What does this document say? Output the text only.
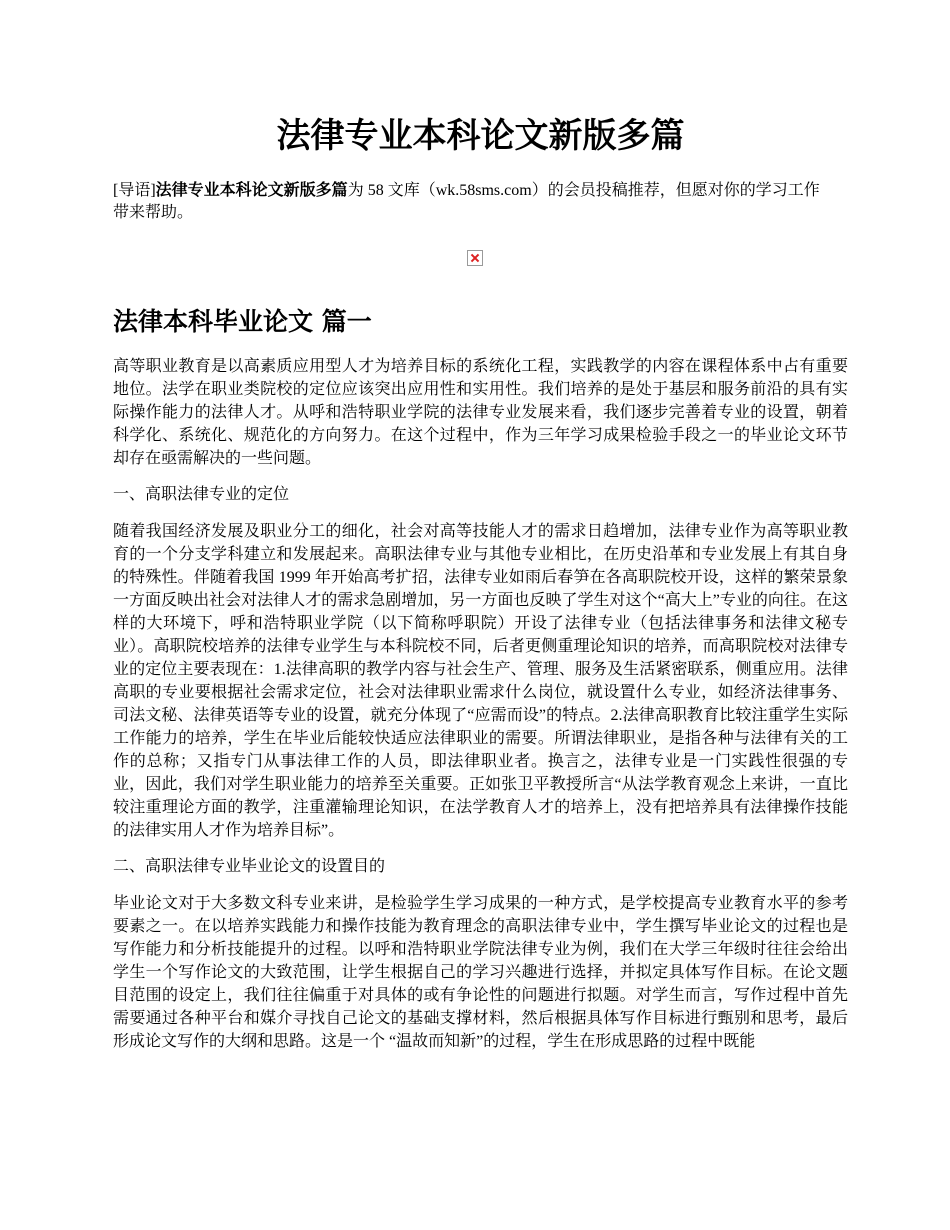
法律专业本科论文新版多篇

[导语]法律专业本科论文新版多篇为 58 文库（wk.58sms.com）的会员投稿推荐，但愿对你的学习工作带来帮助。

法律本科毕业论文 篇一

高等职业教育是以高素质应用型人才为培养目标的系统化工程，实践教学的内容在课程体系中占有重要地位。法学在职业类院校的定位应该突出应用性和实用性。我们培养的是处于基层和服务前沿的具有实际操作能力的法律人才。从呼和浩特职业学院的法律专业发展来看，我们逐步完善着专业的设置，朝着科学化、系统化、规范化的方向努力。在这个过程中，作为三年学习成果检验手段之一的毕业论文环节却存在亟需解决的一些问题。

一、高职法律专业的定位

随着我国经济发展及职业分工的细化，社会对高等技能人才的需求日趋增加，法律专业作为高等职业教育的一个分支学科建立和发展起来。高职法律专业与其他专业相比，在历史沿革和专业发展上有其自身的特殊性。伴随着我国 1999 年开始高考扩招，法律专业如雨后春笋在各高职院校开设，这样的繁荣景象一方面反映出社会对法律人才的需求急剧增加，另一方面也反映了学生对这个“高大上”专业的向往。在这样的大环境下，呼和浩特职业学院（以下简称呼职院）开设了法律专业（包括法律事务和法律文秘专业）。高职院校培养的法律专业学生与本科院校不同，后者更侧重理论知识的培养，而高职院校对法律专业的定位主要表现在：1.法律高职的教学内容与社会生产、管理、服务及生活紧密联系，侧重应用。法律高职的专业要根据社会需求定位，社会对法律职业需求什么岗位，就设置什么专业，如经济法律事务、司法文秘、法律英语等专业的设置，就充分体现了“应需而设”的特点。2.法律高职教育比较注重学生实际工作能力的培养，学生在毕业后能较快适应法律职业的需要。所谓法律职业，是指各种与法律有关的工作的总称；又指专门从事法律工作的人员，即法律职业者。换言之，法律专业是一门实践性很强的专业，因此，我们对学生职业能力的培养至关重要。正如张卫平教授所言“从法学教育观念上来讲，一直比较注重理论方面的教学，注重灌输理论知识，在法学教育人才的培养上，没有把培养具有法律操作技能的法律实用人才作为培养目标”。

二、高职法律专业毕业论文的设置目的

毕业论文对于大多数文科专业来讲，是检验学生学习成果的一种方式，是学校提高专业教育水平的参考要素之一。在以培养实践能力和操作技能为教育理念的高职法律专业中，学生撰写毕业论文的过程也是写作能力和分析技能提升的过程。以呼和浩特职业学院法律专业为例，我们在大学三年级时往往会给出学生一个写作论文的大致范围，让学生根据自己的学习兴趣进行选择，并拟定具体写作目标。在论文题目范围的设定上，我们往往偏重于对具体的或有争论性的问题进行拟题。对学生而言，写作过程中首先需要通过各种平台和媒介寻找自己论文的基础支撑材料，然后根据具体写作目标进行甄别和思考，最后形成论文写作的大纲和思路。这是一个 “温故而知新”的过程，学生在形成思路的过程中既能
